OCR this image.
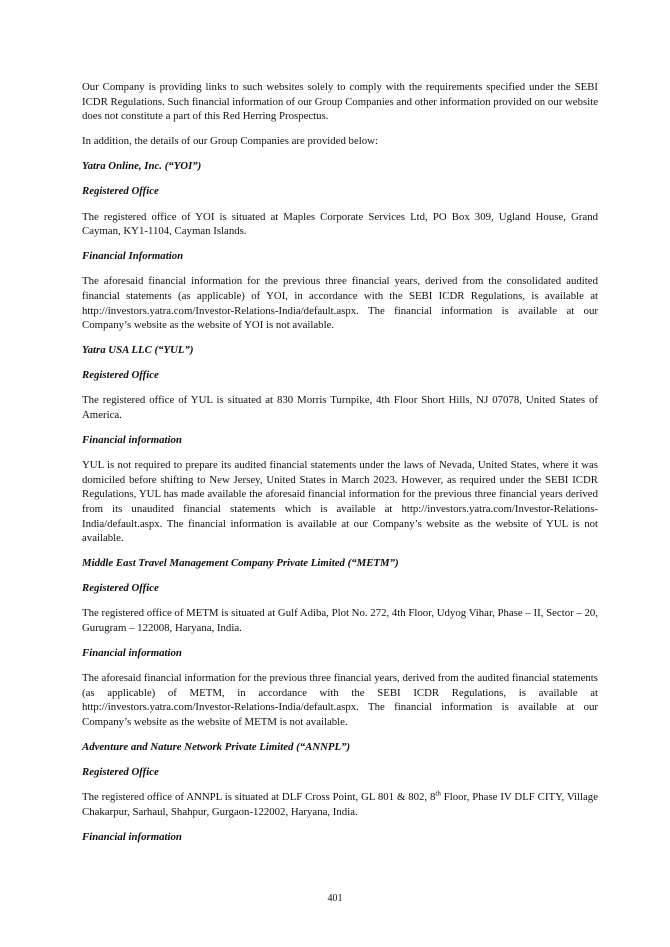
Our Company is providing links to such websites solely to comply with the requirements specified under the SEBI ICDR Regulations. Such financial information of our Group Companies and other information provided on our website does not constitute a part of this Red Herring Prospectus.

In addition, the details of our Group Companies are provided below:

Yatra Online, Inc. (“YOI”)
Registered Office

The registered office of YOI is situated at Maples Corporate Services Ltd, PO Box 309, Ugland House, Grand Cayman, KY1-1104, Cayman Islands.

Financial Information

The aforesaid financial information for the previous three financial years, derived from the consolidated audited financial statements (as applicable) of YOI, in accordance with the SEBI ICDR Regulations, is available at http://investors.yatra.com/Investor-Relations-India/default.aspx. The financial information is available at our Company’s website as the website of YOI is not available.

Yatra USA LLC (“YUL”)
Registered Office

The registered office of YUL is situated at 830 Morris Turnpike, 4th Floor Short Hills, NJ 07078, United States of America.

Financial information

YUL is not required to prepare its audited financial statements under the laws of Nevada, United States, where it was domiciled before shifting to New Jersey, United States in March 2023. However, as required under the SEBI ICDR Regulations, YUL has made available the aforesaid financial information for the previous three financial years derived from its unaudited financial statements which is available at http://investors.yatra.com/Investor-Relations-India/default.aspx. The financial information is available at our Company’s website as the website of YUL is not available.

Middle East Travel Management Company Private Limited (“METM”)
Registered Office

The registered office of METM is situated at Gulf Adiba, Plot No. 272, 4th Floor, Udyog Vihar, Phase – II, Sector – 20, Gurugram – 122008, Haryana, India.

Financial information

The aforesaid financial information for the previous three financial years, derived from the audited financial statements (as applicable) of METM, in accordance with the SEBI ICDR Regulations, is available at http://investors.yatra.com/Investor-Relations-India/default.aspx. The financial information is available at our Company’s website as the website of METM is not available.

Adventure and Nature Network Private Limited (“ANNPL”)
Registered Office

The registered office of ANNPL is situated at DLF Cross Point, GL 801 & 802, 8th Floor, Phase IV DLF CITY, Village Chakarpur, Sarhaul, Shahpur, Gurgaon-122002, Haryana, India.

Financial information
401
